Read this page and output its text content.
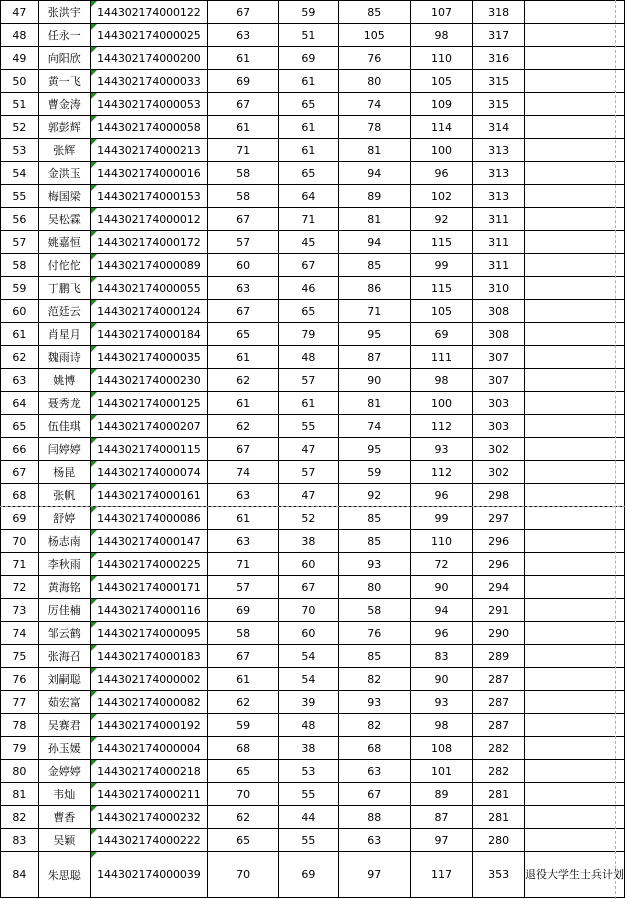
47	张洪宇	144302174000122	67	59	85	107	318	
48	任永一	144302174000025	63	51	105	98	317	
49	向阳欣	144302174000200	61	69	76	110	316	
50	黄一飞	144302174000033	69	61	80	105	315	
51	曹金涛	144302174000053	67	65	74	109	315	
52	郭彭辉	144302174000058	61	61	78	114	314	
53	张辉	144302174000213	71	61	81	100	313	
54	金洪玉	144302174000016	58	65	94	96	313	
55	梅国梁	144302174000153	58	64	89	102	313	
56	吴松霖	144302174000012	67	71	81	92	311	
57	姚嘉恒	144302174000172	57	45	94	115	311	
58	付佗佗	144302174000089	60	67	85	99	311	
59	丁鹏飞	144302174000055	63	46	86	115	310	
60	范廷云	144302174000124	67	65	71	105	308	
61	肖星月	144302174000184	65	79	95	69	308	
62	魏雨诗	144302174000035	61	48	87	111	307	
63	姚博	144302174000230	62	57	90	98	307	
64	聂秀龙	144302174000125	61	61	81	100	303	
65	伍佳琪	144302174000207	62	55	74	112	303	
66	闫婷婷	144302174000115	67	47	95	93	302	
67	杨昆	144302174000074	74	57	59	112	302	
68	张帆	144302174000161	63	47	92	96	298	
69	舒婷	144302174000086	61	52	85	99	297	
70	杨志南	144302174000147	63	38	85	110	296	
71	李秋雨	144302174000225	71	60	93	72	296	
72	黄海铭	144302174000171	57	67	80	90	294	
73	厉佳楠	144302174000116	69	70	58	94	291	
74	邹云鹤	144302174000095	58	60	76	96	290	
75	张海召	144302174000183	67	54	85	83	289	
76	刘嗣聪	144302174000002	61	54	82	90	287	
77	茹宏富	144302174000082	62	39	93	93	287	
78	吴赛君	144302174000192	59	48	82	98	287	
79	孙玉媛	144302174000004	68	38	68	108	282	
80	金婷婷	144302174000218	65	53	63	101	282	
81	韦灿	144302174000211	70	55	67	89	281	
82	曹香	144302174000232	62	44	88	87	281	
83	吴颖	144302174000222	65	55	63	97	280	
84	朱思聪	144302174000039	70	69	97	117	353	退役大学生士兵计划
